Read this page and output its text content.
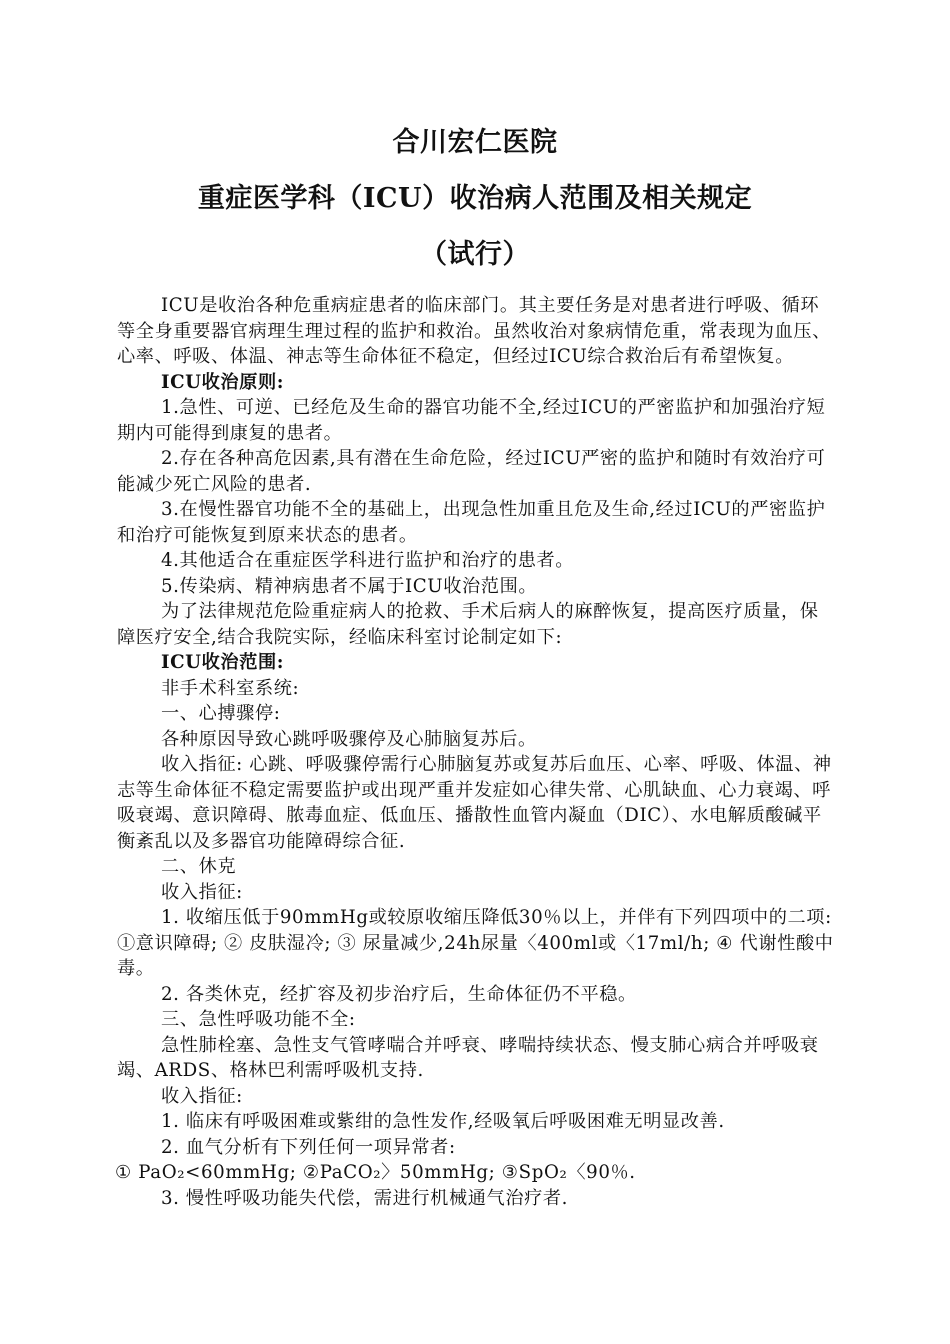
合川宏仁医院

重症医学科（ICU）收治病人范围及相关规定

（试行）

ICU是收治各种危重病症患者的临床部门。其主要任务是对患者进行呼吸、循环等全身重要器官病理生理过程的监护和救治。虽然收治对象病情危重，常表现为血压、心率、呼吸、体温、神志等生命体征不稳定，但经过ICU综合救治后有希望恢复。

ICU收治原则:

1.急性、可逆、已经危及生命的器官功能不全,经过ICU的严密监护和加强治疗短期内可能得到康复的患者。

2.存在各种高危因素,具有潜在生命危险，经过ICU严密的监护和随时有效治疗可能减少死亡风险的患者.

3.在慢性器官功能不全的基础上，出现急性加重且危及生命,经过ICU的严密监护和治疗可能恢复到原来状态的患者。

4.其他适合在重症医学科进行监护和治疗的患者。

5.传染病、精神病患者不属于ICU收治范围。

为了法律规范危险重症病人的抢救、手术后病人的麻醉恢复，提高医疗质量，保障医疗安全,结合我院实际，经临床科室讨论制定如下:

ICU收治范围:

非手术科室系统:

一、心搏骤停:

各种原因导致心跳呼吸骤停及心肺脑复苏后。

收入指征: 心跳、呼吸骤停需行心肺脑复苏或复苏后血压、心率、呼吸、体温、神志等生命体征不稳定需要监护或出现严重并发症如心律失常、心肌缺血、心力衰竭、呼吸衰竭、意识障碍、脓毒血症、低血压、播散性血管内凝血（DIC）、水电解质酸碱平衡紊乱以及多器官功能障碍综合征.

二、休克

收入指征:

1. 收缩压低于90mmHg或较原收缩压降低30％以上，并伴有下列四项中的二项: ①意识障碍; ② 皮肤湿冷; ③ 尿量减少,24h尿量〈400ml或〈17ml/h; ④ 代谢性酸中毒。

2. 各类休克，经扩容及初步治疗后，生命体征仍不平稳。

三、急性呼吸功能不全:

急性肺栓塞、急性支气管哮喘合并呼衰、哮喘持续状态、慢支肺心病合并呼吸衰竭、ARDS、格林巴利需呼吸机支持.

收入指征:

1. 临床有呼吸困难或紫绀的急性发作,经吸氧后呼吸困难无明显改善.

2. 血气分析有下列任何一项异常者:

① PaO₂<60mmHg; ②PaCO₂〉50mmHg; ③SpO₂〈90％.

3. 慢性呼吸功能失代偿，需进行机械通气治疗者.
